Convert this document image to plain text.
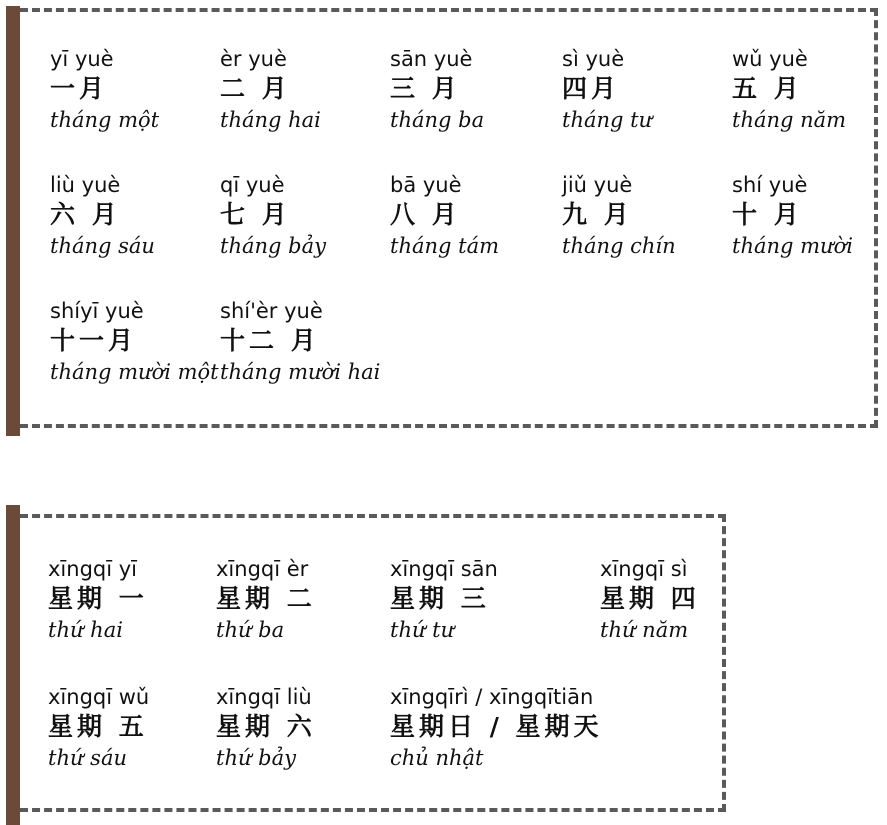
yī yuè
一月
tháng một
èr yuè
二 月
tháng hai
sān yuè
三 月
tháng ba
sì yuè
四月
tháng tư
wǔ yuè
五 月
tháng năm
liù yuè
六 月
tháng sáu
qī yuè
七 月
tháng bảy
bā yuè
八 月
tháng tám
jiǔ yuè
九 月
tháng chín
shí yuè
十 月
tháng mười
shíyī yuè
十一月
tháng mười một
shí'èr yuè
十二 月
tháng mười hai
xīngqī yī
星期 一
thứ hai
xīngqī èr
星期 二
thứ ba
xīngqī sān
星期 三
thứ tư
xīngqī sì
星期 四
thứ năm
xīngqī wǔ
星期 五
thứ sáu
xīngqī liù
星期 六
thứ bảy
xīngqīrì / xīngqītiān
星期日 / 星期天
chủ nhật
